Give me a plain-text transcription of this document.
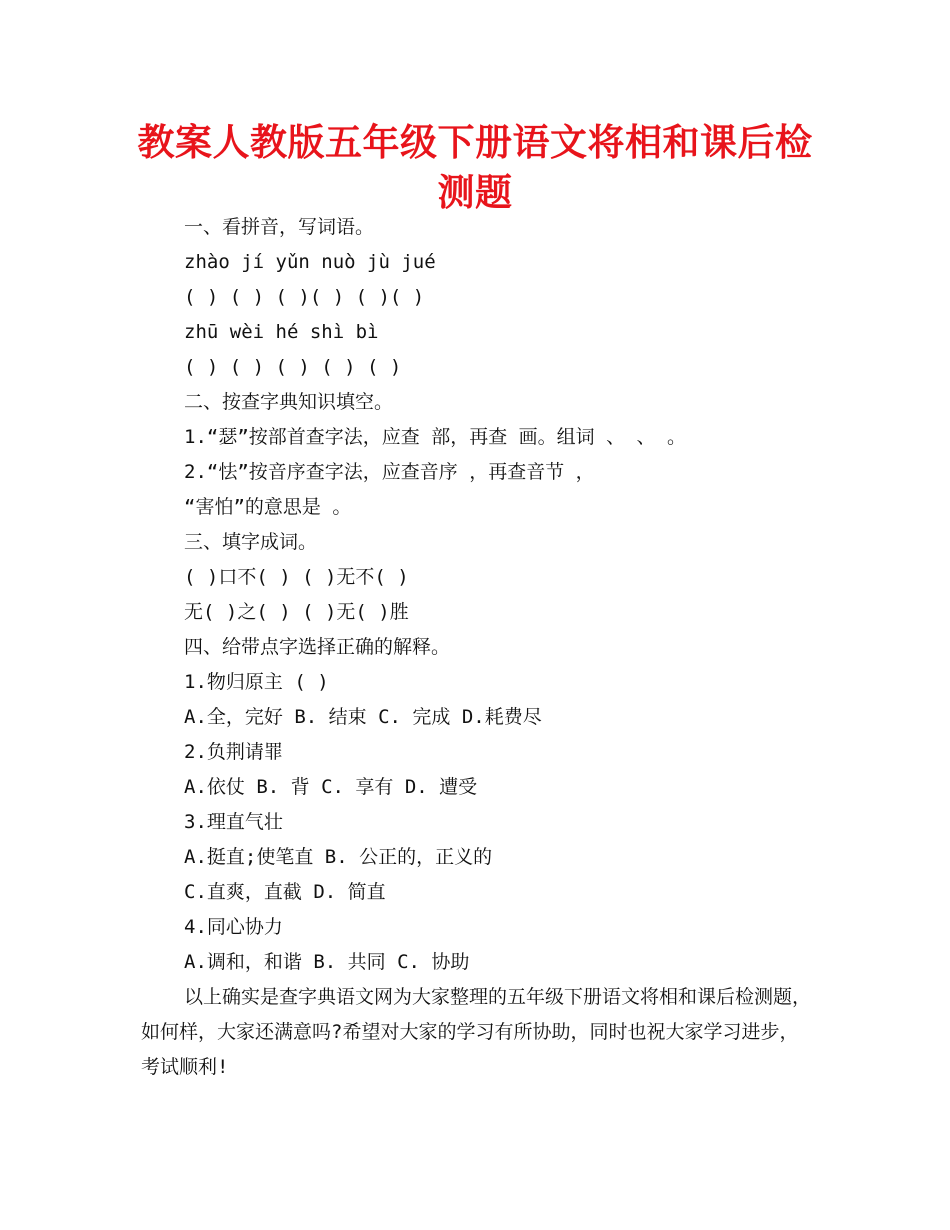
教案人教版五年级下册语文将相和课后检测题
一、看拼音，写词语。
zhào jí yǔn nuò jù jué
( ) ( ) ( )( ) ( )( )
zhū wèi hé shì bì
( ) ( ) ( ) ( ) ( )
二、按查字典知识填空。
1.“瑟”按部首查字法，应查 部，再查 画。组词 、 、 。
2.“怯”按音序查字法，应查音序 ，再查音节 ，
“害怕”的意思是 。
三、填字成词。
( )口不( ) ( )无不( )
无( )之( ) ( )无( )胜
四、给带点字选择正确的解释。
1.物归原主 ( )
A.全，完好 B. 结束 C. 完成 D.耗费尽
2.负荆请罪
A.依仗 B. 背 C. 享有 D. 遭受
3.理直气壮
A.挺直;使笔直 B. 公正的，正义的
C.直爽，直截 D. 简直
4.同心协力
A.调和，和谐 B. 共同 C. 协助
以上确实是查字典语文网为大家整理的五年级下册语文将相和课后检测题，如何样，大家还满意吗?希望对大家的学习有所协助，同时也祝大家学习进步，考试顺利!
